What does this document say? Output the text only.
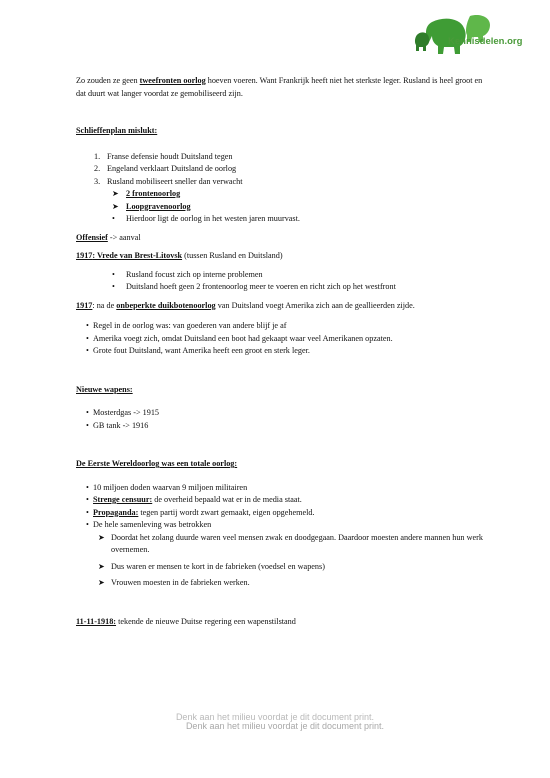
Kennisdelen.org

Zo zouden ze geen tweefronten oorlog hoeven voeren. Want Frankrijk heeft niet het sterkste leger. Rusland is heel groot en dat duurt wat langer voordat ze gemobiliseerd zijn.

Schlieffenplan mislukt:

1. Franse defensie houdt Duitsland tegen
2. Engeland verklaart Duitsland de oorlog
3. Rusland mobiliseert sneller dan verwacht
➤ 2 frontenoorlog
➤ Loopgravenoorlog
• Hierdoor ligt de oorlog in het westen jaren muurvast.

Offensief -> aanval

1917: Vrede van Brest-Litovsk (tussen Rusland en Duitsland)

• Rusland focust zich op interne problemen
• Duitsland hoeft geen 2 frontenoorlog meer te voeren en richt zich op het westfront

1917: na de onbeperkte duikbotenoorlog van Duitsland voegt Amerika zich aan de geallieerden zijde.

• Regel in de oorlog was: van goederen van andere blijf je af
• Amerika voegt zich, omdat Duitsland een boot had gekaapt waar veel Amerikanen opzaten.
• Grote fout Duitsland, want Amerika heeft een groot en sterk leger.

Nieuwe wapens:

• Mosterdgas -> 1915
• GB tank -> 1916

De Eerste Wereldoorlog was een totale oorlog:

• 10 miljoen doden waarvan 9 miljoen militairen
• Strenge censuur: de overheid bepaald wat er in de media staat.
• Propaganda: tegen partij wordt zwart gemaakt, eigen opgehemeld.
• De hele samenleving was betrokken
➤ Doordat het zolang duurde waren veel mensen zwak en doodgegaan. Daardoor moesten andere mannen hun werk overnemen.
➤ Dus waren er mensen te kort in de fabrieken (voedsel en wapens)
➤ Vrouwen moesten in de fabrieken werken.

11-11-1918: tekende de nieuwe Duitse regering een wapenstilstand

Denk aan het milieu voordat je dit document print.
Denk aan het milieu voordat je dit document print.
